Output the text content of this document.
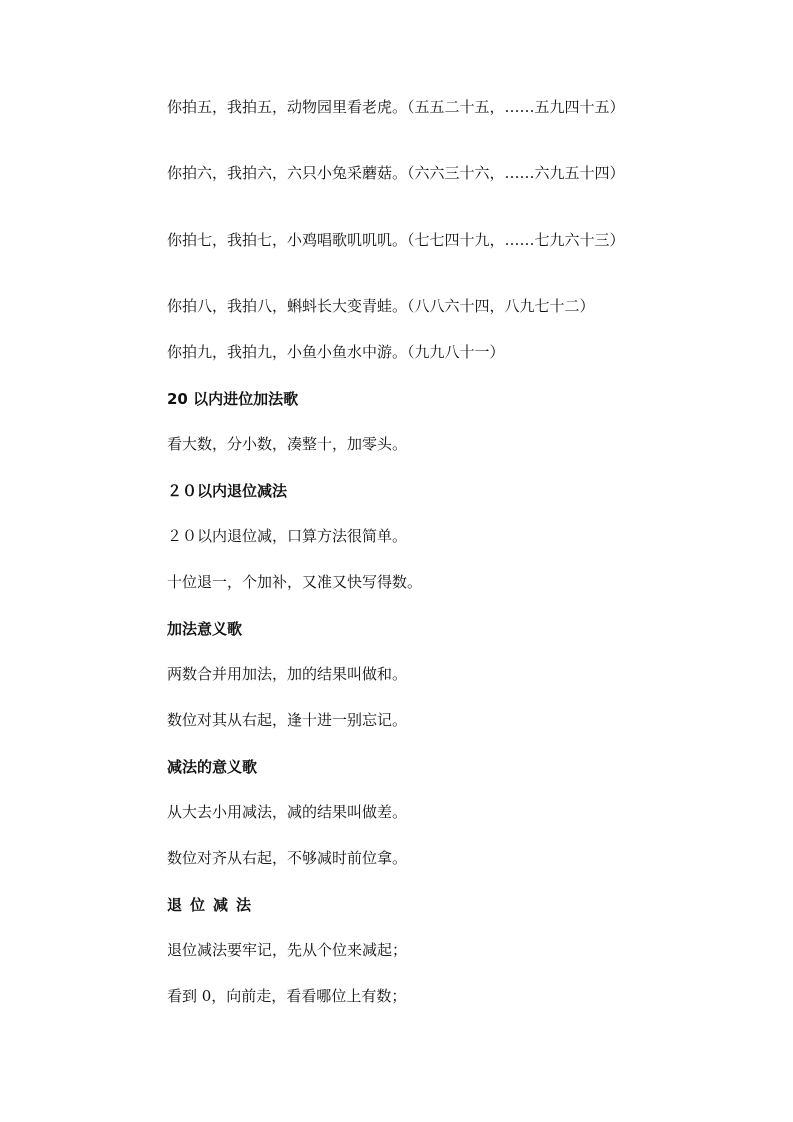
你拍五，我拍五，动物园里看老虎。（五五二十五，……五九四十五）

你拍六，我拍六，六只小兔采蘑菇。（六六三十六，……六九五十四）

你拍七，我拍七，小鸡唱歌叽叽叽。（七七四十九，……七九六十三）

你拍八，我拍八，蝌蚪长大变青蛙。（八八六十四，八九七十二）

你拍九，我拍九，小鱼小鱼水中游。（九九八十一）

20 以内进位加法歌

看大数，分小数，凑整十，加零头。

２０以内退位减法

２０以内退位减，口算方法很简单。

十位退一，个加补，又准又快写得数。

加法意义歌

两数合并用加法，加的结果叫做和。

数位对其从右起，逢十进一别忘记。

减法的意义歌

从大去小用减法，减的结果叫做差。

数位对齐从右起，不够减时前位拿。

退位减法

退位减法要牢记，先从个位来减起；

看到 0，向前走，看看哪位上有数；
